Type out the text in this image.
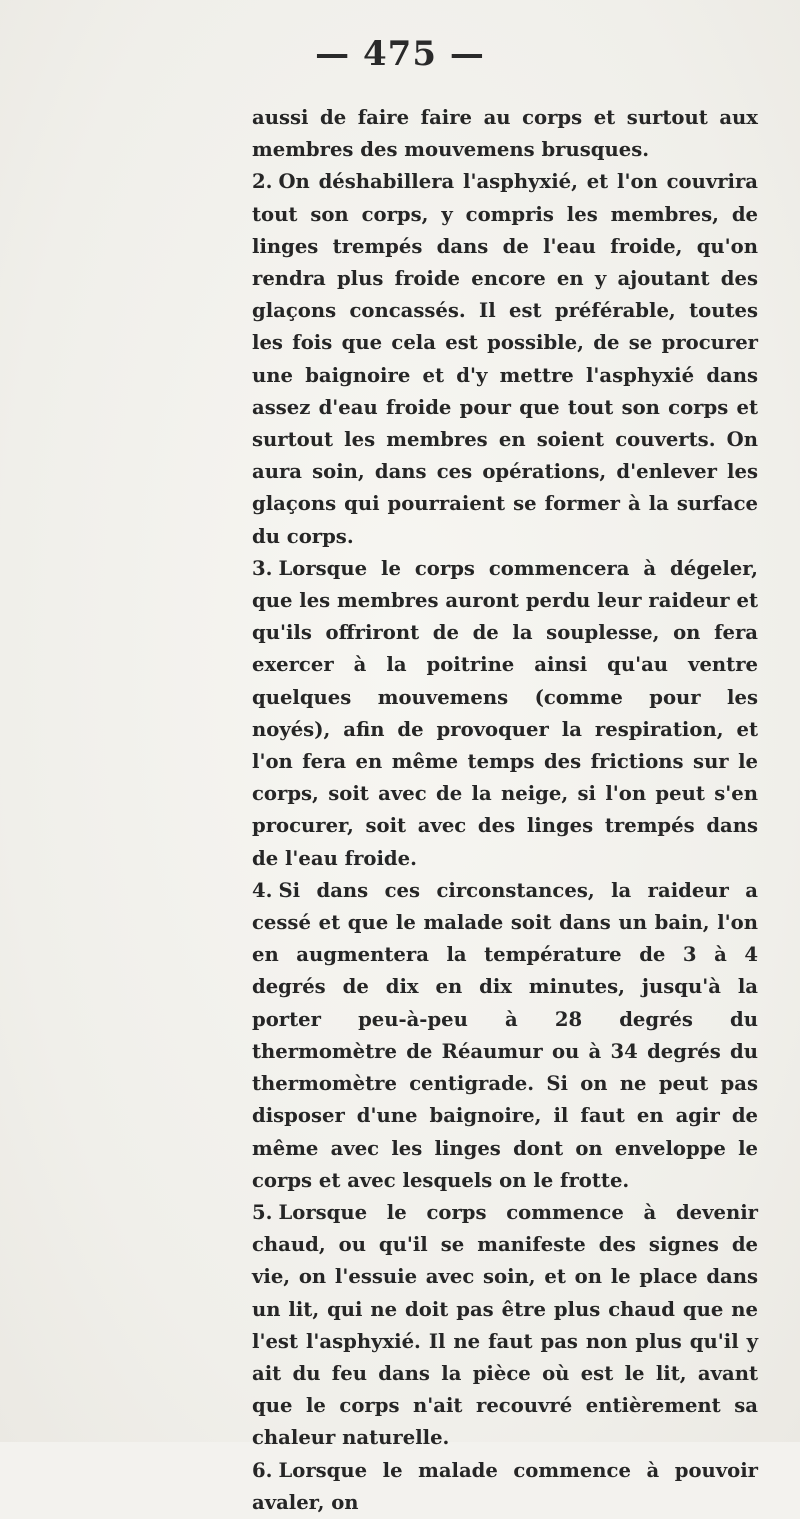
— 475 —

aussi de faire faire au corps et surtout aux membres des mouvemens brusques.

2. On déshabillera l'asphyxié, et l'on couvrira tout son corps, y compris les membres, de linges trempés dans de l'eau froide, qu'on rendra plus froide encore en y ajoutant des glaçons concassés. Il est préférable, toutes les fois que cela est possible, de se procurer une baignoire et d'y mettre l'asphyxié dans assez d'eau froide pour que tout son corps et surtout les membres en soient couverts. On aura soin, dans ces opérations, d'enlever les glaçons qui pourraient se former à la surface du corps.

3. Lorsque le corps commencera à dégeler, que les membres auront perdu leur raideur et qu'ils offriront de de la souplesse, on fera exercer à la poitrine ainsi qu'au ventre quelques mouvemens (comme pour les noyés), afin de provoquer la respiration, et l'on fera en même temps des frictions sur le corps, soit avec de la neige, si l'on peut s'en procurer, soit avec des linges trempés dans de l'eau froide.

4. Si dans ces circonstances, la raideur a cessé et que le malade soit dans un bain, l'on en augmentera la température de 3 à 4 degrés de dix en dix minutes, jusqu'à la porter peu-à-peu à 28 degrés du thermomètre de Réaumur ou à 34 degrés du thermomètre centigrade. Si on ne peut pas disposer d'une baignoire, il faut en agir de même avec les linges dont on enveloppe le corps et avec lesquels on le frotte.

5. Lorsque le corps commence à devenir chaud, ou qu'il se manifeste des signes de vie, on l'essuie avec soin, et on le place dans un lit, qui ne doit pas être plus chaud que ne l'est l'asphyxié. Il ne faut pas non plus qu'il y ait du feu dans la pièce où est le lit, avant que le corps n'ait recouvré entièrement sa chaleur naturelle.

6. Lorsque le malade commence à pouvoir avaler, on
